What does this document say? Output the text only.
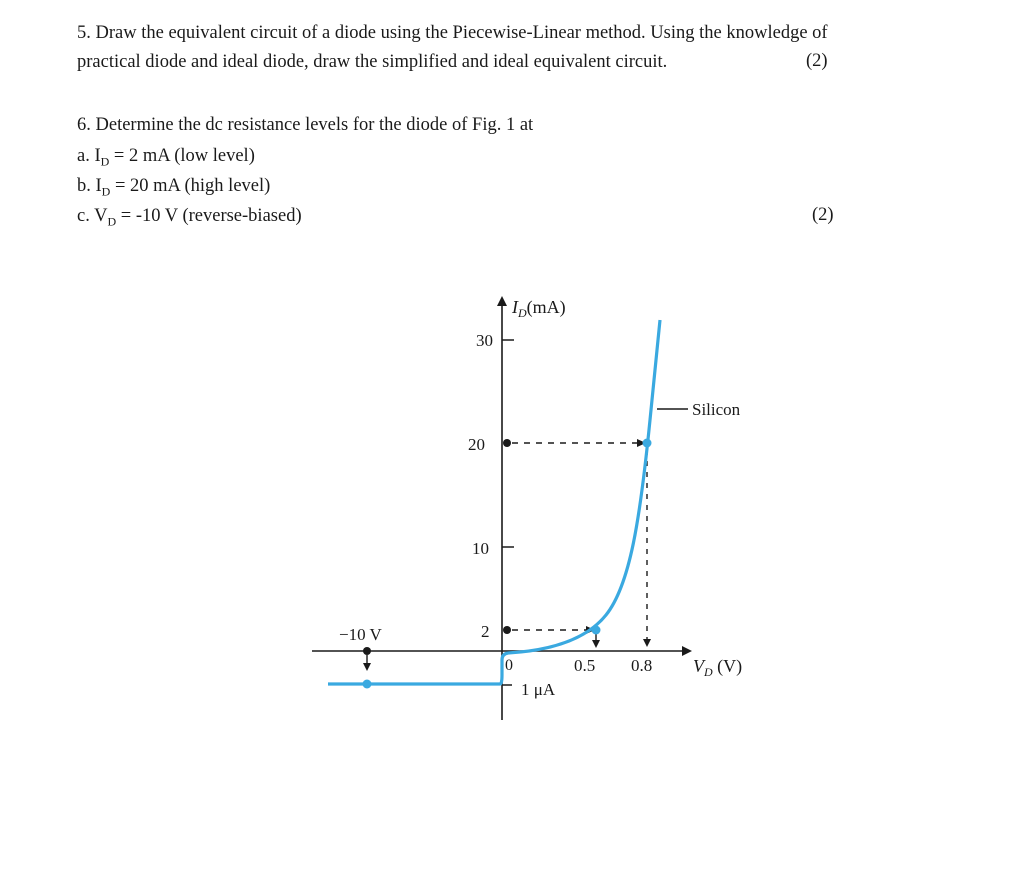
5. Draw the equivalent circuit of a diode using the Piecewise-Linear method. Using the knowledge of
practical diode and ideal diode, draw the simplified and ideal equivalent circuit.	(2)
6. Determine the dc resistance levels for the diode of Fig. 1 at
a. $I_D = 2$ mA (low level)
b. $I_D = 20$ mA (high level)
c. $V_D = -10$ V (reverse-biased)	(2)
30
20
10
2
$I_D(mA)$
−10 V
0	0.5 0.8
1 μA
$V_D$ (V)
Silicon
